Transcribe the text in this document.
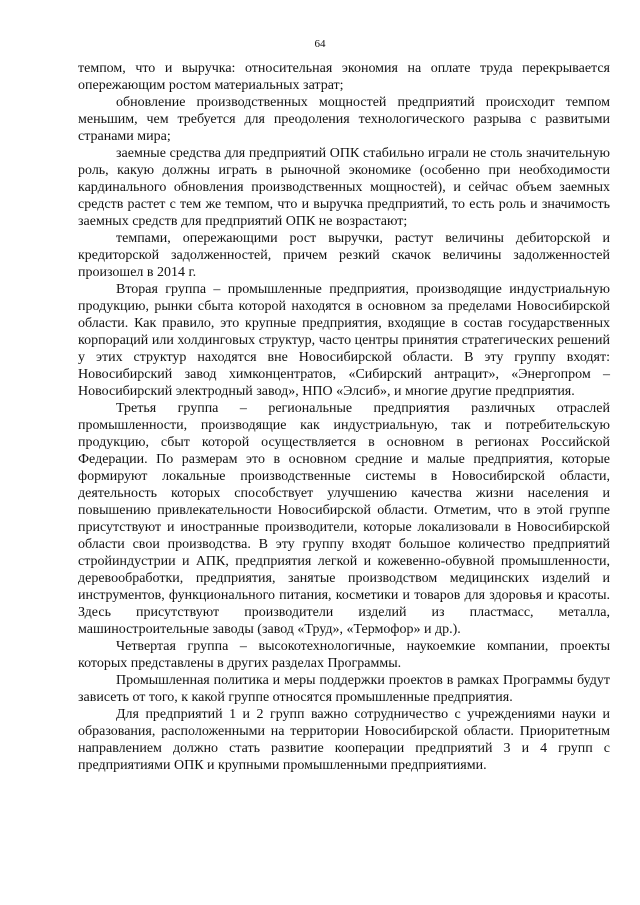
64

темпом, что и выручка: относительная экономия на оплате труда перекрывается опережающим ростом материальных затрат;

обновление производственных мощностей предприятий происходит темпом меньшим, чем требуется для преодоления технологического разрыва с развитыми странами мира;

заемные средства для предприятий ОПК стабильно играли не столь значительную роль, какую должны играть в рыночной экономике (особенно при необходимости кардинального обновления производственных мощностей), и сейчас объем заемных средств растет с тем же темпом, что и выручка предприятий, то есть роль и значимость заемных средств для предприятий ОПК не возрастают;

темпами, опережающими рост выручки, растут величины дебиторской и кредиторской задолженностей, причем резкий скачок величины задолженностей произошел в 2014 г.

Вторая группа – промышленные предприятия, производящие индустриальную продукцию, рынки сбыта которой находятся в основном за пределами Новосибирской области. Как правило, это крупные предприятия, входящие в состав государственных корпораций или холдинговых структур, часто центры принятия стратегических решений у этих структур находятся вне Новосибирской области. В эту группу входят: Новосибирский завод химконцентратов, «Сибирский антрацит», «Энергопром – Новосибирский электродный завод», НПО «Элсиб», и многие другие предприятия.

Третья группа – региональные предприятия различных отраслей промышленности, производящие как индустриальную, так и потребительскую продукцию, сбыт которой осуществляется в основном в регионах Российской Федерации. По размерам это в основном средние и малые предприятия, которые формируют локальные производственные системы в Новосибирской области, деятельность которых способствует улучшению качества жизни населения и повышению привлекательности Новосибирской области. Отметим, что в этой группе присутствуют и иностранные производители, которые локализовали в Новосибирской области свои производства. В эту группу входят большое количество предприятий стройиндустрии и АПК, предприятия легкой и кожевенно-обувной промышленности, деревообработки, предприятия, занятые производством медицинских изделий и инструментов, функционального питания, косметики и товаров для здоровья и красоты. Здесь присутствуют производители изделий из пластмасс, металла, машиностроительные заводы (завод «Труд», «Термофор» и др.).

Четвертая группа – высокотехнологичные, наукоемкие компании, проекты которых представлены в других разделах Программы.

Промышленная политика и меры поддержки проектов в рамках Программы будут зависеть от того, к какой группе относятся промышленные предприятия.

Для предприятий 1 и 2 групп важно сотрудничество с учреждениями науки и образования, расположенными на территории Новосибирской области. Приоритетным направлением должно стать развитие кооперации предприятий 3 и 4 групп с предприятиями ОПК и крупными промышленными предприятиями.
